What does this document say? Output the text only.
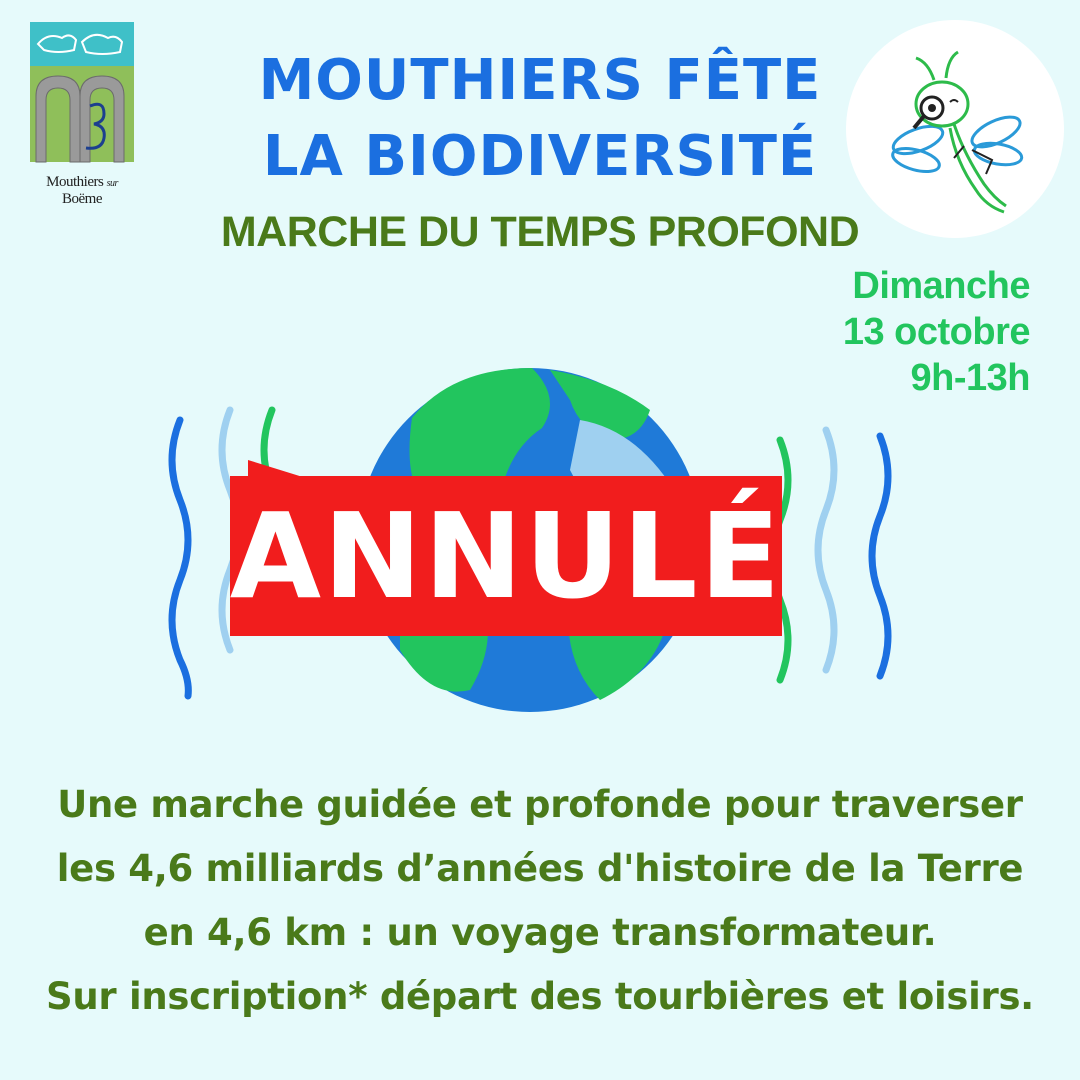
Mouthiers sur Boëme
MOUTHIERS FÊTE
LA BIODIVERSITÉ
MARCHE DU TEMPS PROFOND
Dimanche
13 octobre
9h-13h
ANNULÉ
Une marche guidée et profonde pour traverser
les 4,6 milliards d’années d'histoire de la Terre
en 4,6 km : un voyage transformateur.
Sur inscription* départ des tourbières et loisirs.
